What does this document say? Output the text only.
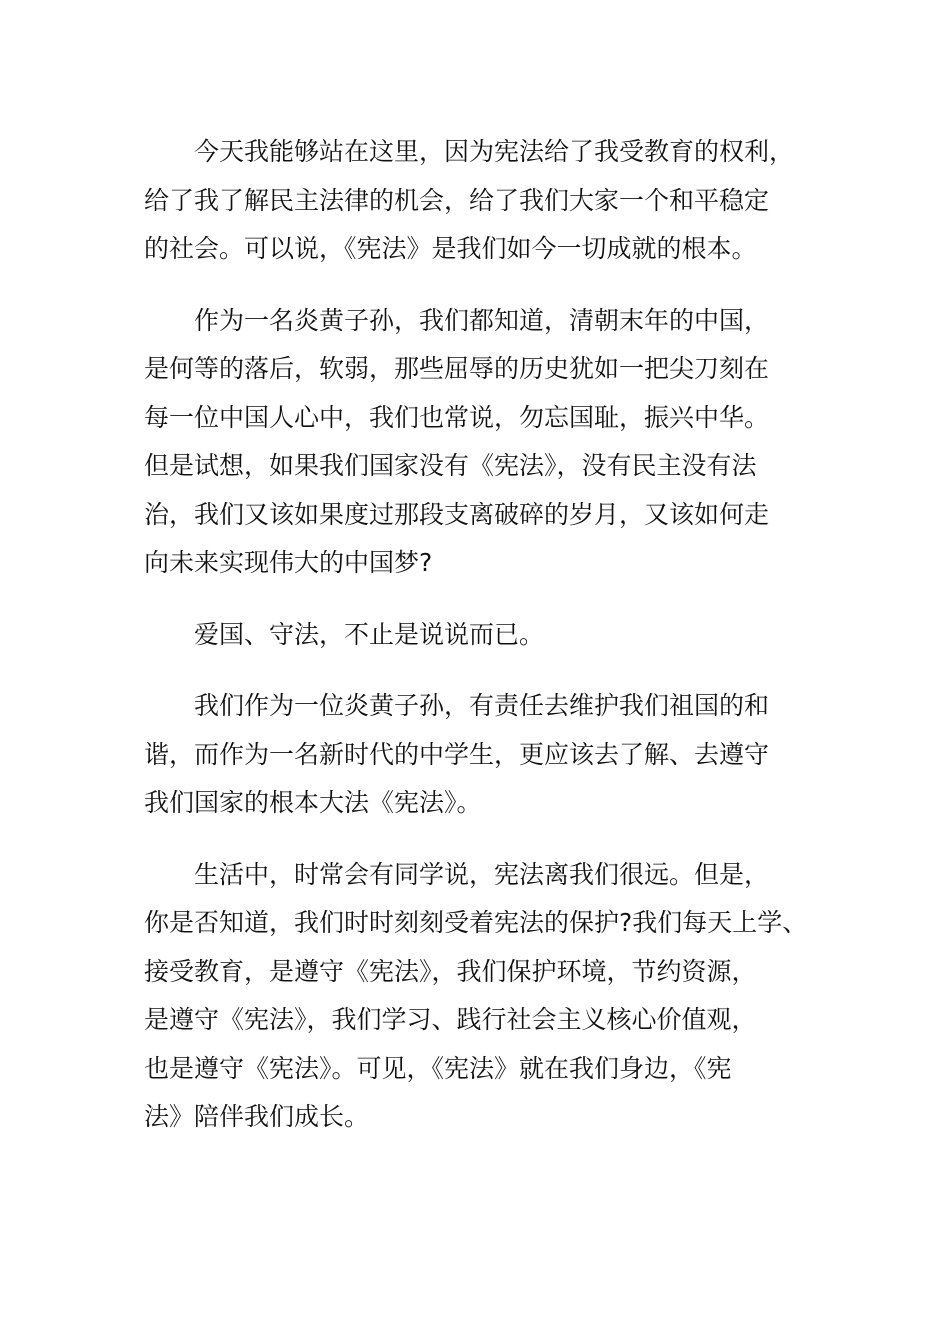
今天我能够站在这里，因为宪法给了我受教育的权利，
给了我了解民主法律的机会，给了我们大家一个和平稳定
的社会。可以说，《宪法》是我们如今一切成就的根本。
作为一名炎黄子孙，我们都知道，清朝末年的中国，
是何等的落后，软弱，那些屈辱的历史犹如一把尖刀刻在
每一位中国人心中，我们也常说，勿忘国耻，振兴中华。
但是试想，如果我们国家没有《宪法》，没有民主没有法
治，我们又该如果度过那段支离破碎的岁月，又该如何走
向未来实现伟大的中国梦?
爱国、守法，不止是说说而已。
我们作为一位炎黄子孙，有责任去维护我们祖国的和
谐，而作为一名新时代的中学生，更应该去了解、去遵守
我们国家的根本大法《宪法》。
生活中，时常会有同学说，宪法离我们很远。但是，
你是否知道，我们时时刻刻受着宪法的保护?我们每天上学、
接受教育，是遵守《宪法》，我们保护环境，节约资源，
是遵守《宪法》，我们学习、践行社会主义核心价值观，
也是遵守《宪法》。可见，《宪法》就在我们身边，《宪
法》陪伴我们成长。
